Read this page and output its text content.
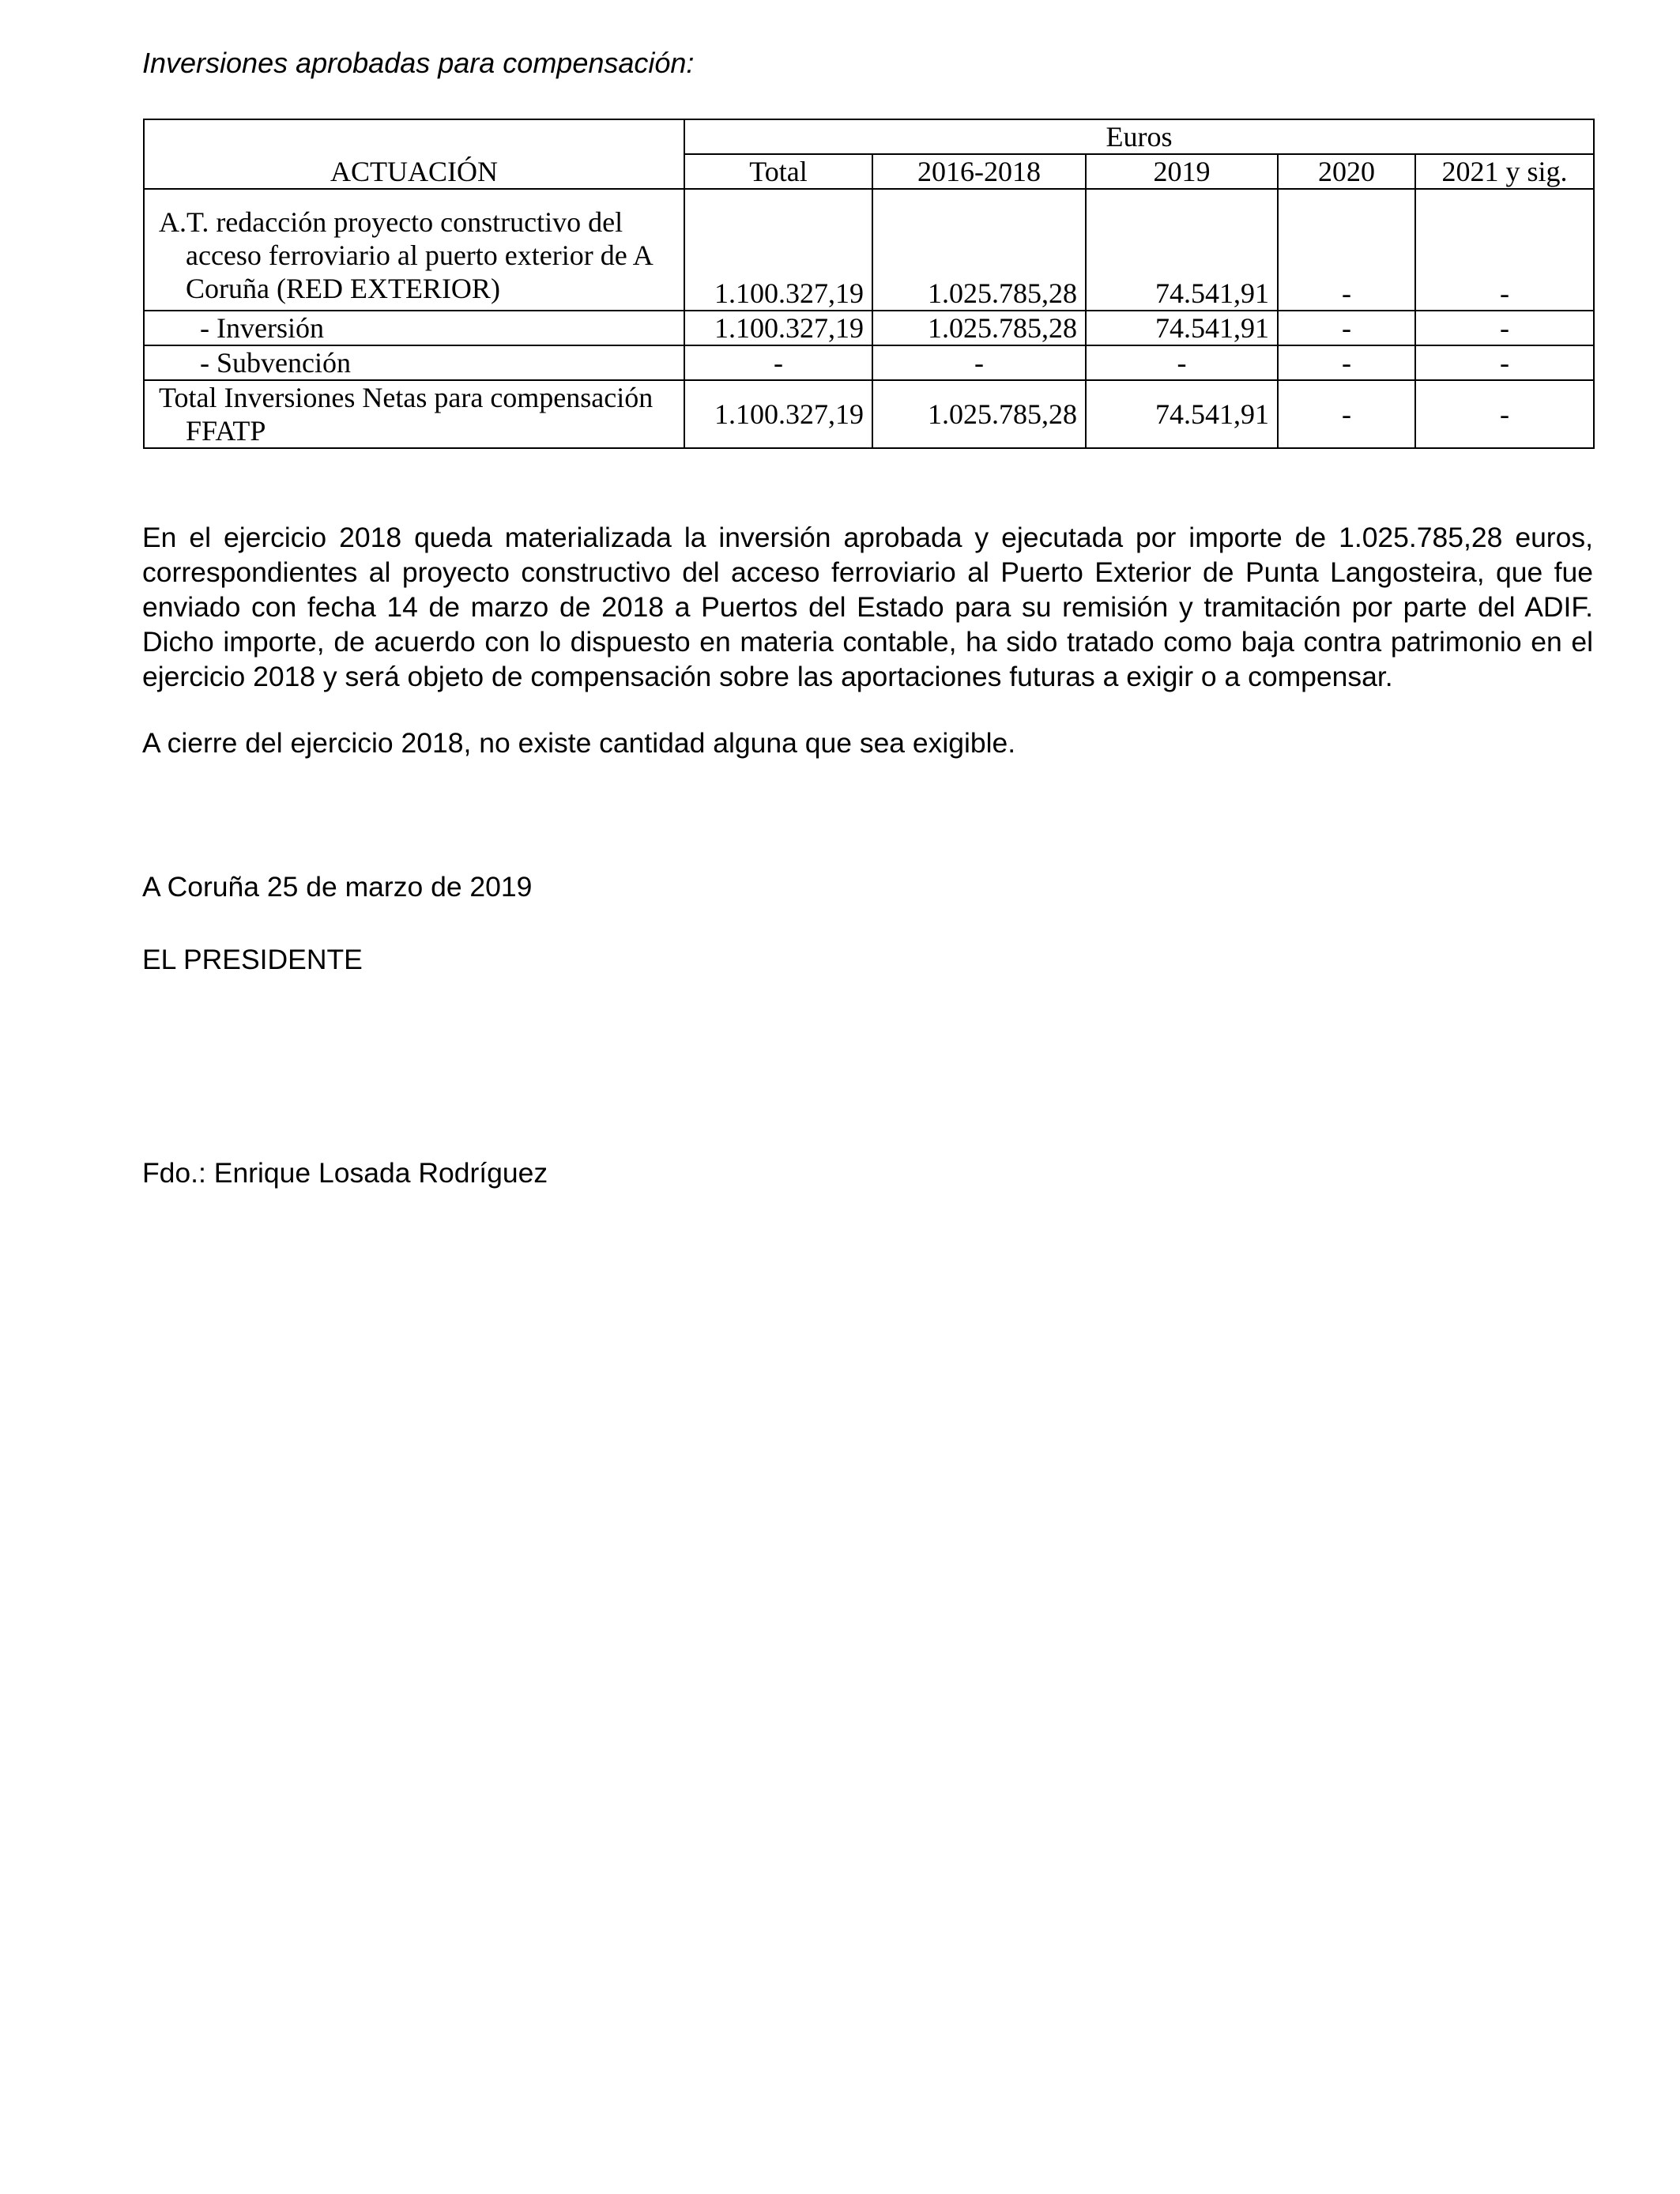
Inversiones aprobadas para compensación:
ACTUACIÓN	Euros				
	Total	2016-2018	2019	2020	2021 y sig.
A.T. redacción proyecto constructivo del acceso ferroviario al puerto exterior de A Coruña (RED EXTERIOR)	1.100.327,19	1.025.785,28	74.541,91	-	-
- Inversión	1.100.327,19	1.025.785,28	74.541,91	-	-
- Subvención	-	-	-	-	-
Total Inversiones Netas para compensación FFATP	1.100.327,19	1.025.785,28	74.541,91	-	-

En el ejercicio 2018 queda materializada la inversión aprobada y ejecutada por importe de 1.025.785,28 euros, correspondientes al proyecto constructivo del acceso ferroviario al Puerto Exterior de Punta Langosteira, que fue enviado con fecha 14 de marzo de 2018 a Puertos del Estado para su remisión y tramitación por parte del ADIF. Dicho importe, de acuerdo con lo dispuesto en materia contable, ha sido tratado como baja contra patrimonio en el ejercicio 2018 y será objeto de compensación sobre las aportaciones futuras a exigir o a compensar.

A cierre del ejercicio 2018, no existe cantidad alguna que sea exigible.

A Coruña 25 de marzo de 2019
EL PRESIDENTE
Fdo.: Enrique Losada Rodríguez
